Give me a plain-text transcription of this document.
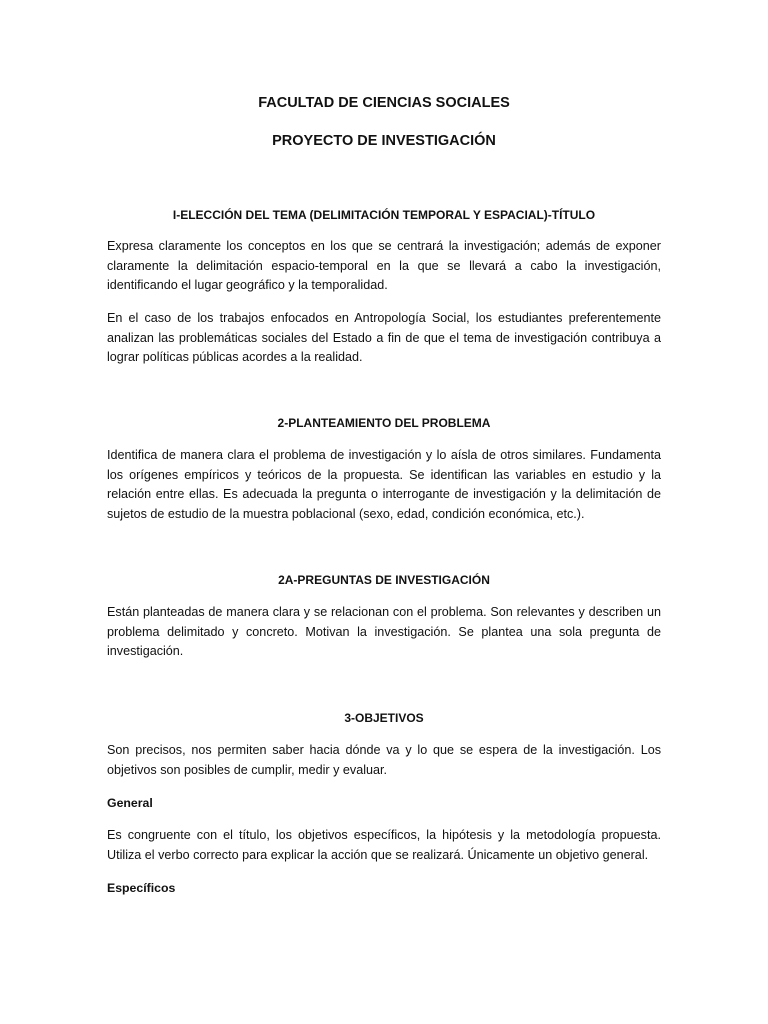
FACULTAD DE CIENCIAS SOCIALES
PROYECTO DE INVESTIGACIÓN
I-ELECCIÓN DEL TEMA (DELIMITACIÓN TEMPORAL Y ESPACIAL)-TÍTULO

Expresa claramente los conceptos en los que se centrará la investigación; además de exponer claramente la delimitación espacio-temporal en la que se llevará a cabo la investigación, identificando el lugar geográfico y la temporalidad.

En el caso de los trabajos enfocados en Antropología Social, los estudiantes preferentemente analizan las problemáticas sociales del Estado a fin de que el tema de investigación contribuya a lograr políticas públicas acordes a la realidad.

2-PLANTEAMIENTO DEL PROBLEMA

Identifica de manera clara el problema de investigación y lo aísla de otros similares. Fundamenta los orígenes empíricos y teóricos de la propuesta. Se identifican las variables en estudio y la relación entre ellas. Es adecuada la pregunta o interrogante de investigación y la delimitación de sujetos de estudio de la muestra poblacional (sexo, edad, condición económica, etc.).

2A-PREGUNTAS DE INVESTIGACIÓN

Están planteadas de manera clara y se relacionan con el problema. Son relevantes y describen un problema delimitado y concreto. Motivan la investigación. Se plantea una sola pregunta de investigación.

3-OBJETIVOS

Son precisos, nos permiten saber hacia dónde va y lo que se espera de la investigación. Los objetivos son posibles de cumplir, medir y evaluar.

General

Es congruente con el título, los objetivos específicos, la hipótesis y la metodología propuesta. Utiliza el verbo correcto para explicar la acción que se realizará. Únicamente un objetivo general.

Específicos
